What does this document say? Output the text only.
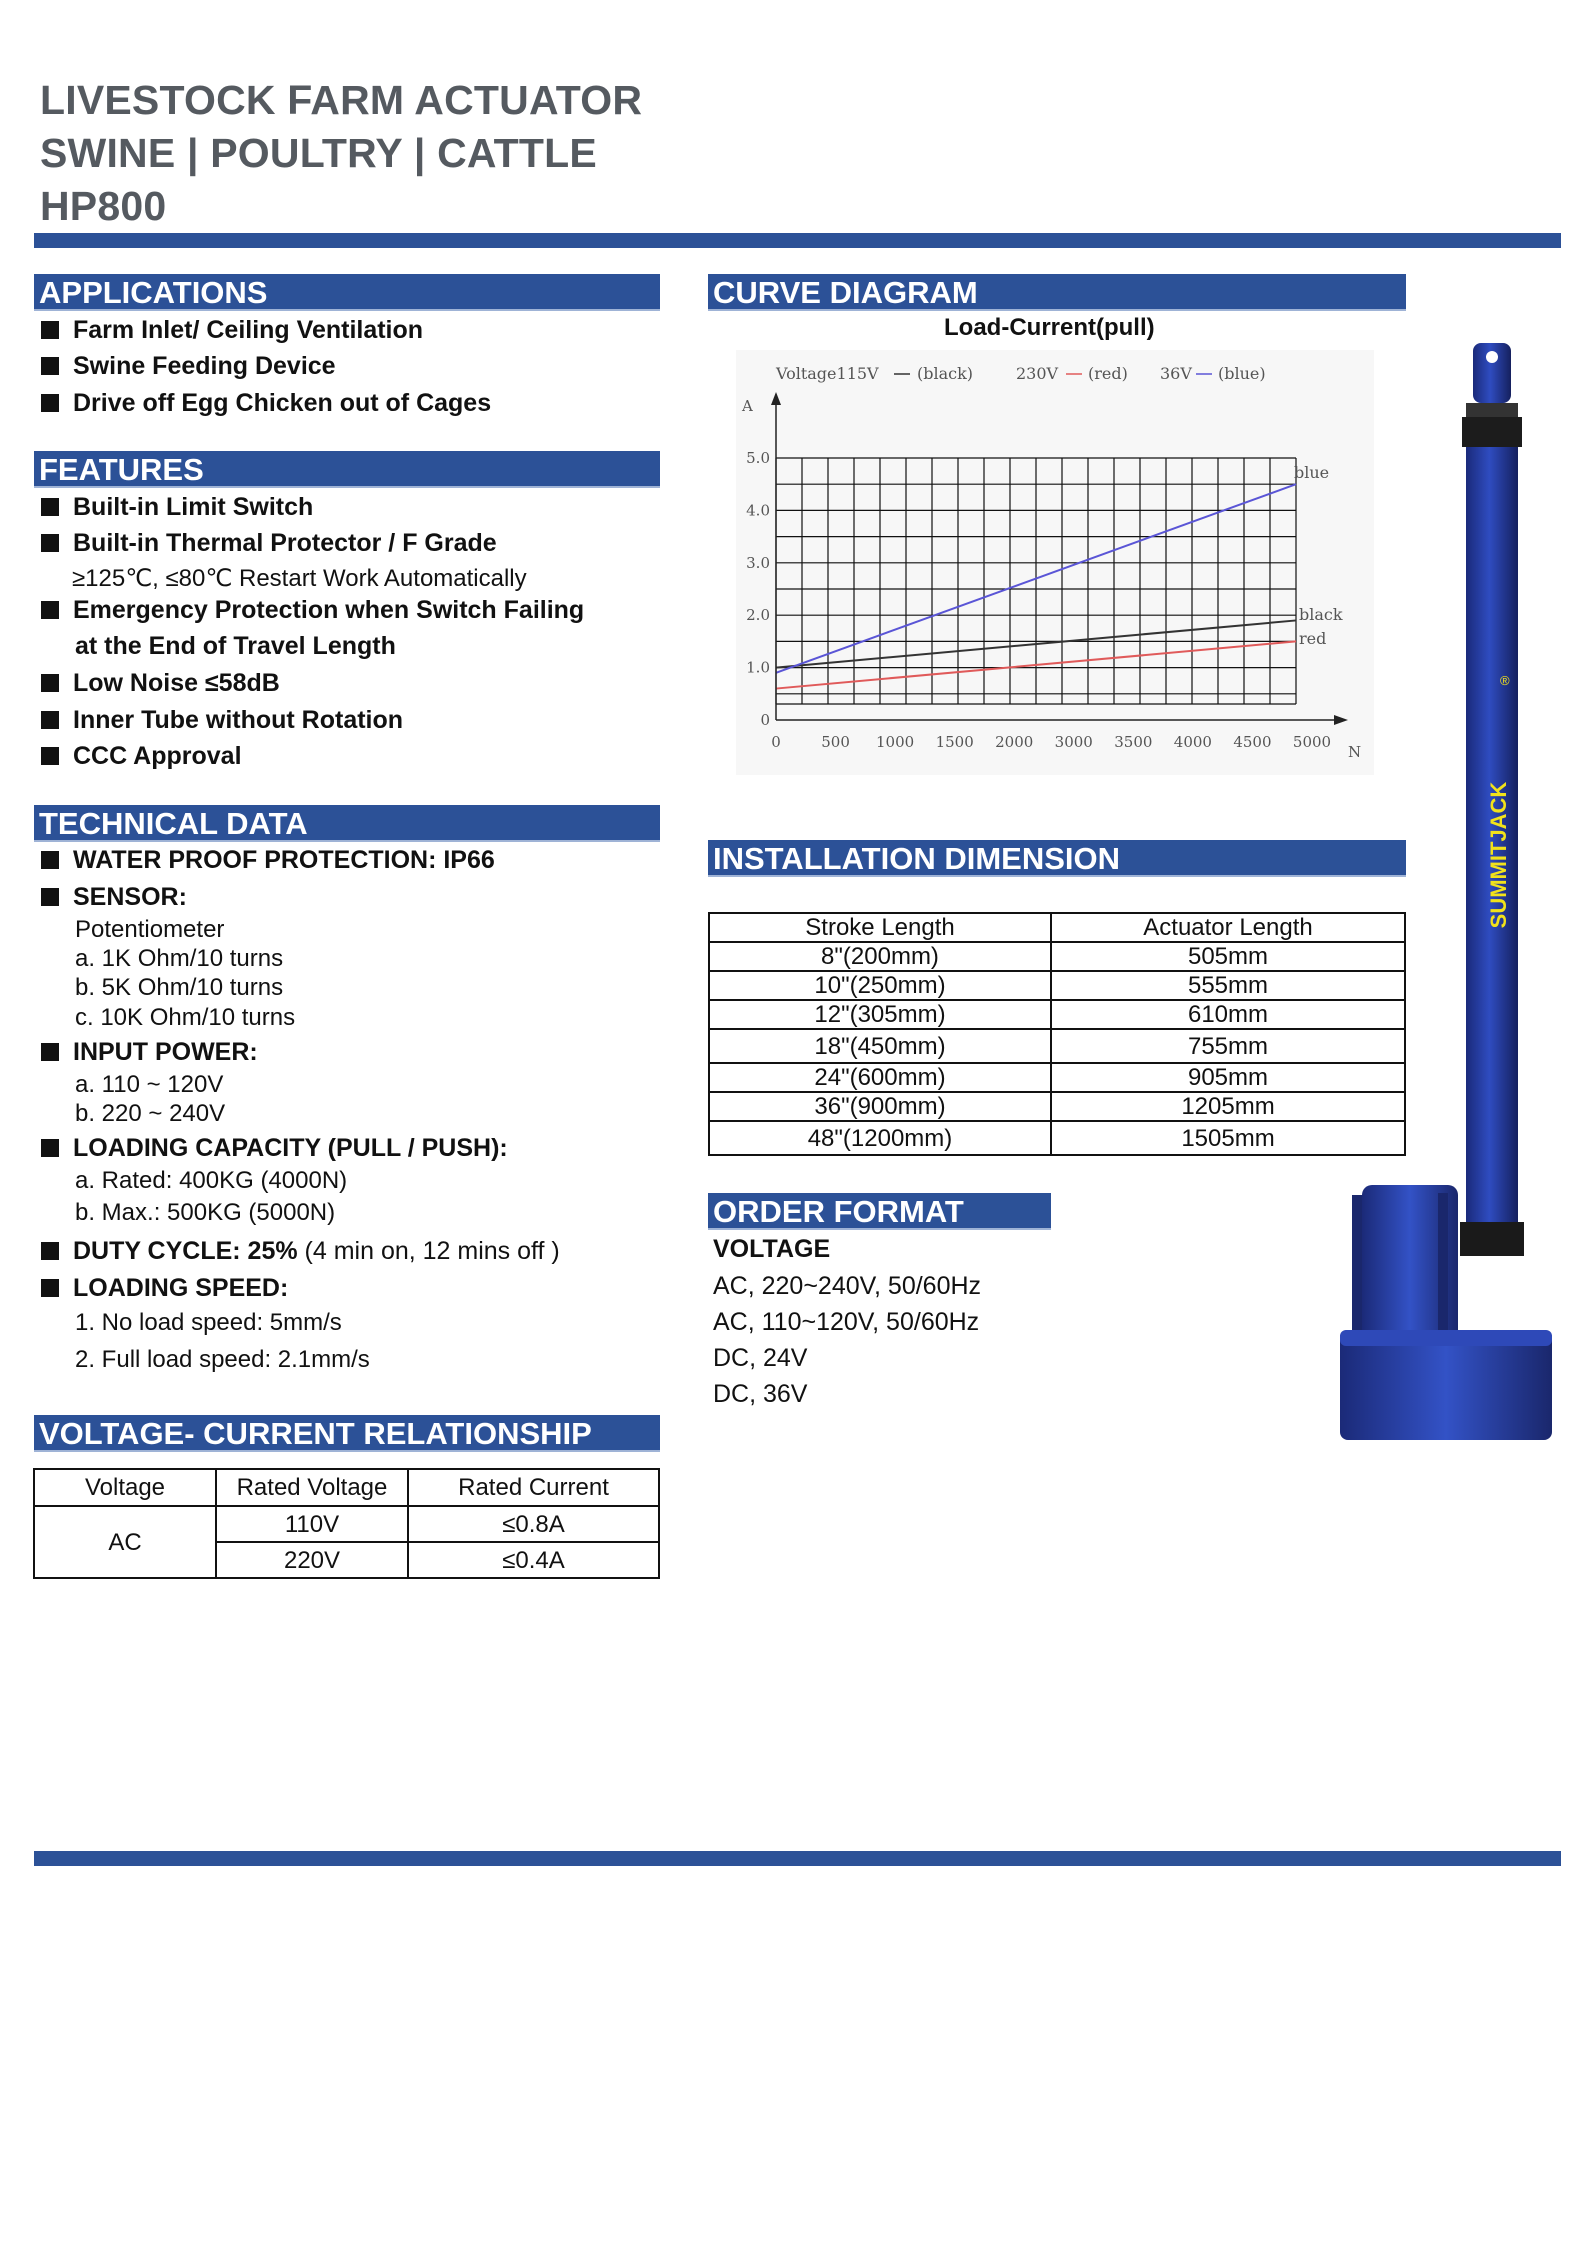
LIVESTOCK FARM ACTUATOR
SWINE | POULTRY | CATTLE
HP800
APPLICATIONS
Farm Inlet/ Ceiling Ventilation
Swine Feeding Device
Drive off Egg Chicken out of Cages
FEATURES
Built-in Limit Switch
Built-in Thermal Protector / F Grade
≥125℃, ≤80℃ Restart Work Automatically
Emergency Protection when Switch Failing
at the End of Travel Length
Low Noise ≤58dB
Inner Tube without Rotation
CCC Approval
TECHNICAL DATA
WATER PROOF PROTECTION: IP66
SENSOR:
Potentiometer
a. 1K Ohm/10 turns
b. 5K Ohm/10 turns
c. 10K Ohm/10 turns
INPUT POWER:
a. 110 ~ 120V
b. 220 ~ 240V
LOADING CAPACITY (PULL / PUSH):
a. Rated: 400KG (4000N)
b. Max.: 500KG (5000N)
DUTY CYCLE: 25% (4 min on, 12 mins off )
LOADING SPEED:
1. No load speed: 5mm/s
2. Full load speed: 2.1mm/s
VOLTAGE- CURRENT RELATIONSHIP
Voltage	Rated Voltage	Rated Current
AC	110V	≤0.8A
	220V	≤0.4A
CURVE DIAGRAM
Load-Current(pull)
Voltage115V (black)	230V (red) 36V (blue)
A
N
0
1.0
2.0
3.0
4.0
5.0
0	500 1000 1500 2000 3000 3500 4000 4500 5000
blue
black
red
INSTALLATION DIMENSION
Stroke Length	Actuator Length
8"(200mm)	505mm
10"(250mm)	555mm
12"(305mm)	610mm
18"(450mm)	755mm
24"(600mm)	905mm
36"(900mm)	1205mm
48"(1200mm)	1505mm
ORDER FORMAT
VOLTAGE
AC, 220~240V, 50/60Hz
AC, 110~120V, 50/60Hz
DC, 24V
DC, 36V
SUMMITJACK
®
